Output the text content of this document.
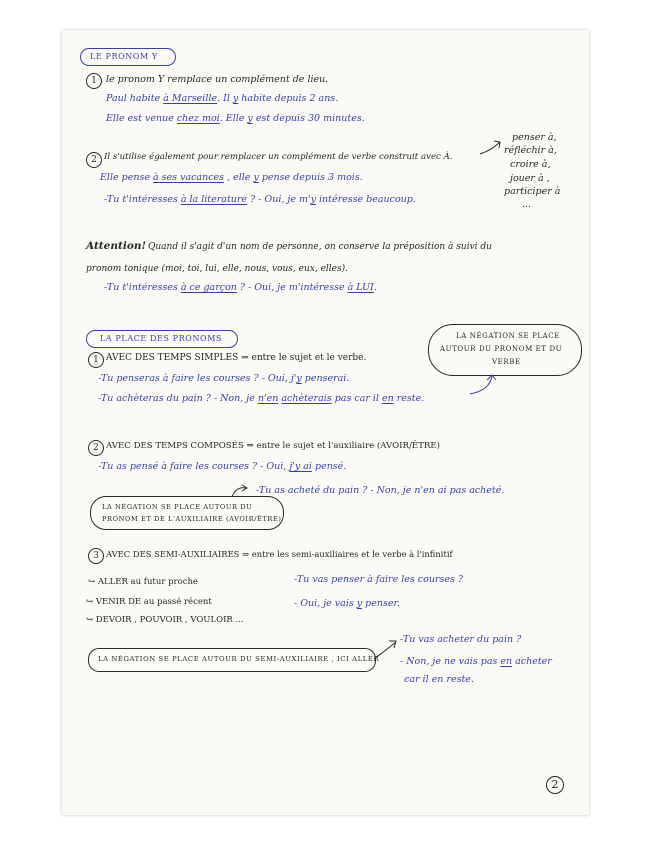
LE PRONOM Y
1 le pronom Y remplace un complément de lieu.
Paul habite à Marseille. Il y habite depuis 2 ans.
Elle est venue chez moi. Elle y est depuis 30 minutes.
2 Il s'utilise également pour remplacer un complément de verbe construit avec À.
penser à,
réfléchir à,
croire à,
jouer à ,
participer à
...
Elle pense à ses vacances , elle y pense depuis 3 mois.
-Tu t'intéresses à la literature ? - Oui, je m'y intéresse beaucoup.
Attention! Quand il s'agit d'un nom de personne, on conserve la préposition à suivi du
pronom tonique (moi, toi, lui, elle, nous, vous, eux, elles).
-Tu t'intéresses à ce garçon ? - Oui, je m'intéresse à LUI.
LA PLACE DES PRONOMS	LA NÉGATION SE PLACE
AUTOUR DU PRONOM ET DU
VERBE
1 AVEC DES TEMPS SIMPLES ⇒ entre le sujet et le verbe.
-Tu penseras à faire les courses ? - Oui, j'y penserai.
-Tu achèteras du pain ? - Non, je n'en achèterais pas car il en reste.
2 AVEC DES TEMPS COMPOSÉS ⇒ entre le sujet et l'auxiliaire (AVOIR/ÊTRE)
-Tu as pensé à faire les courses ? - Oui, j'y ai pensé.
-Tu as acheté du pain ? - Non, je n'en ai pas acheté.
LA NÉGATION SE PLACE AUTOUR DU
PRONOM ET DE L'AUXILIAIRE (AVOIR/ÊTRE)
3 AVEC DES SEMI-AUXILIAIRES ⇒ entre les semi-auxiliaires et le verbe à l'infinitif
↪ ALLER au futur proche
↪ VENIR DE au passé récent
↪ DEVOIR , POUVOIR , VOULOIR ...
-Tu vas penser à faire les courses ?
- Oui, je vais y penser.
-Tu vas acheter du pain ?
LA NÉGATION SE PLACE AUTOUR DU SEMI-AUXILIAIRE , ICI ALLER - Non, je ne vais pas en acheter
car il en reste.
2
